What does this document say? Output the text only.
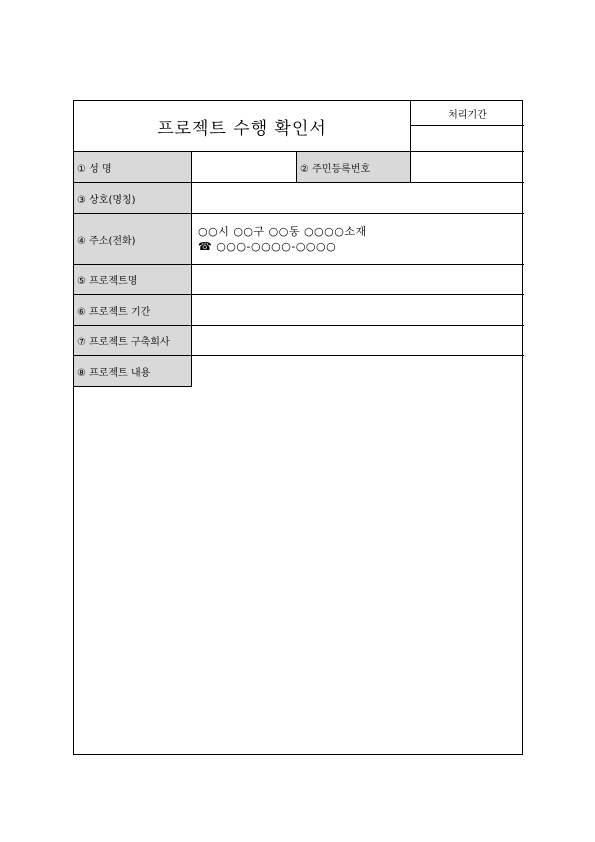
프로젝트 수행 확인서
처리기간
① 성 명	② 주민등록번호
③ 상호(명칭)
④ 주소(전화)
○○시 ○○구 ○○동 ○○○○소재
☎ ○○○-○○○○-○○○○
⑤ 프로젝트명
⑥ 프로젝트 기간
⑦ 프로젝트 구축회사
⑧ 프로젝트 내용
